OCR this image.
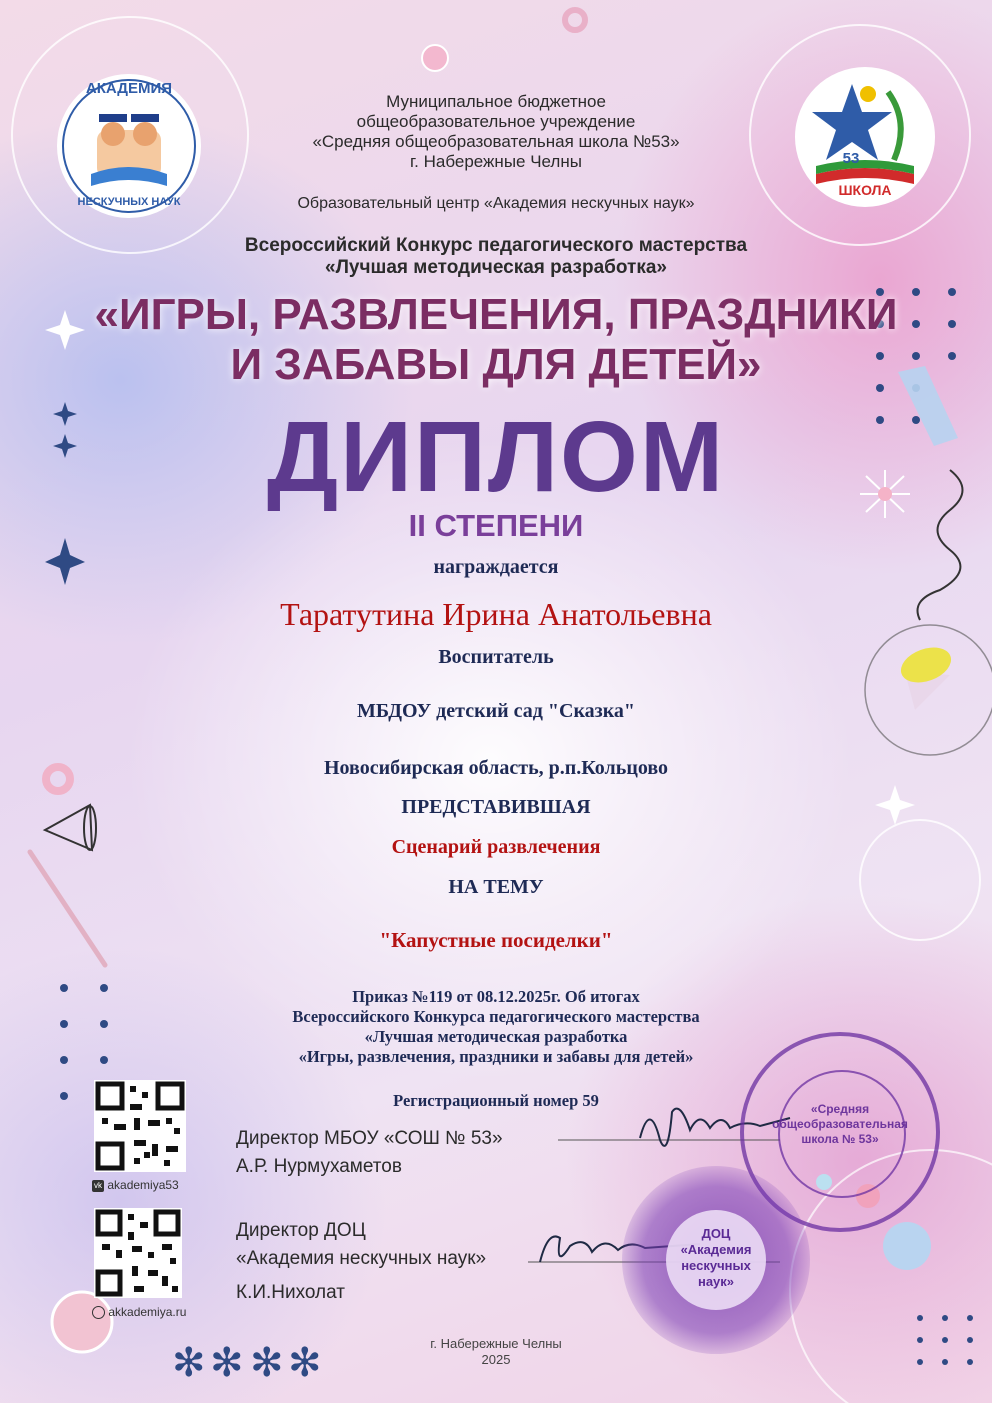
✻ ✻ ✻ ✻
АКАДЕМИЯ
НЕСКУЧНЫХ НАУК
53
ШКОЛА
Муниципальное бюджетное
общеобразовательное учреждение
«Средняя общеобразовательная школа №53»
г. Набережные Челны
Образовательный центр «Академия нескучных наук»
Всероссийский Конкурс педагогического мастерства
«Лучшая методическая разработка»
«ИГРЫ, РАЗВЛЕЧЕНИЯ, ПРАЗДНИКИ
И ЗАБАВЫ ДЛЯ ДЕТЕЙ»
ДИПЛОМ
II СТЕПЕНИ
награждается
Таратутина Ирина Анатольевна
Воспитатель
МБДОУ детский сад "Сказка"
Новосибирская область, р.п.Кольцово
ПРЕДСТАВИВШАЯ
Сценарий развлечения
НА ТЕМУ
"Капустные посиделки"
Приказ №119 от 08.12.2025г. Об итогах
Всероссийского Конкурса педагогического мастерства
«Лучшая методическая разработка
«Игры, развлечения, праздники и забавы для детей»
Регистрационный номер 59
Директор МБОУ «СОШ № 53»
А.Р. Нурмухаметов
Директор ДОЦ
«Академия нескучных наук»
К.И.Нихолат
vk akademiya53
akkademiya.ru
«Средняя
общеобразовательная
школа № 53»
ДОЦ
«Академия
нескучных
наук»
г. Набережные Челны
2025
